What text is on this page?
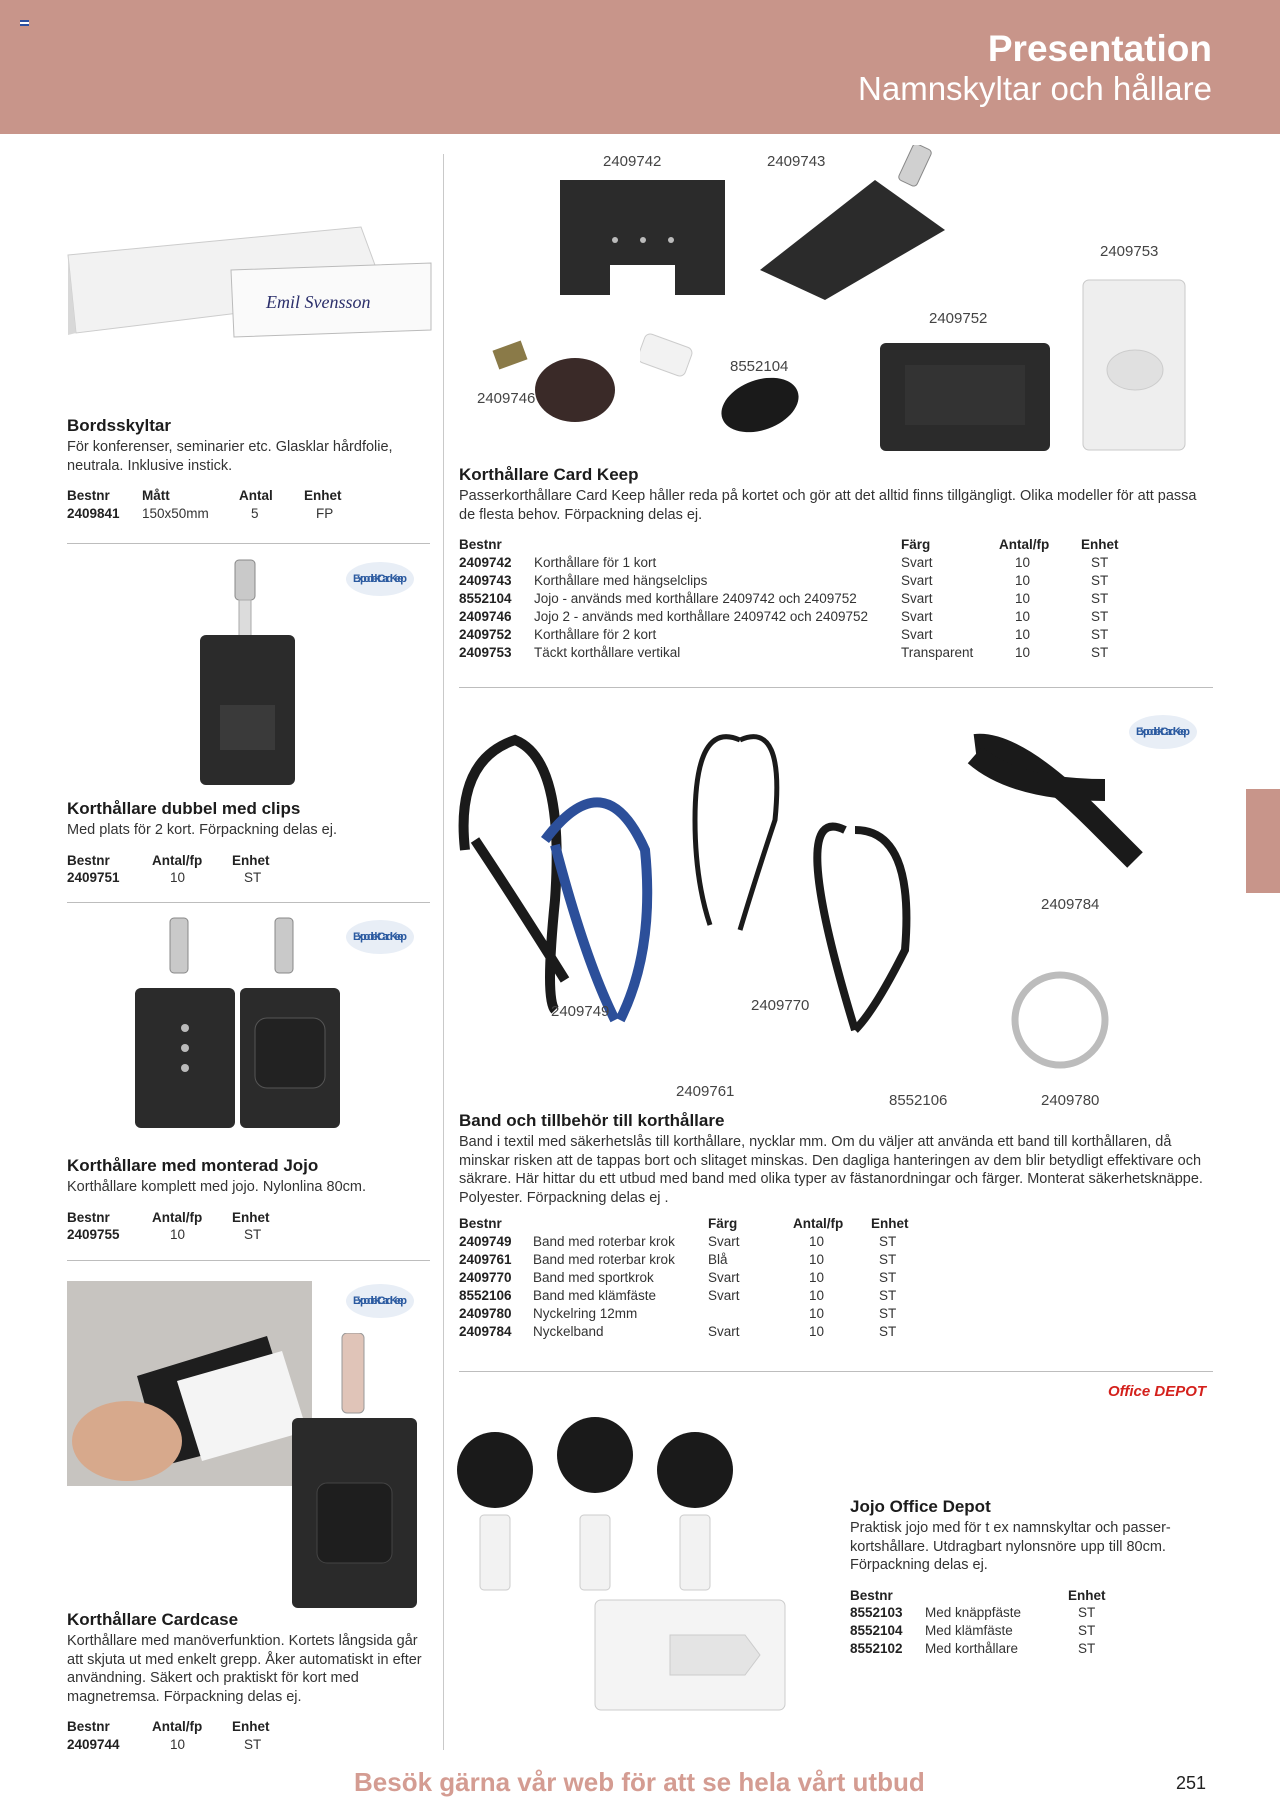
Presentation
Namnskyltar och hållare
Emil Svensson
Bordsskyltar
För konferenser, seminarier etc. Glasklar hårdfolie, neutrala. Inklusive instick.
Bestnr	Mått	Antal	Enhet
2409841	150x50mm	5	FP
Expodirekt CardKeep
Expodirekt CardKeep
Expodirekt CardKeep
Expodirekt CardKeep
Korthållare dubbel med clips
Med plats för 2 kort. Förpackning delas ej.
Bestnr	Antal/fp	Enhet
2409751	10	ST
Korthållare med monterad Jojo
Korthållare komplett med jojo. Nylonlina 80cm.
Bestnr	Antal/fp	Enhet
2409755	10	ST
Korthållare Cardcase
Korthållare med manöverfunktion. Kortets långsida går att skjuta ut med enkelt grepp. Åker automatiskt in efter användning. Säkert och praktiskt för kort med magnetremsa. Förpackning delas ej.
Bestnr	Antal/fp	Enhet
2409744	10	ST
2409742	2409743
2409753
2409752
8552104
2409746
Korthållare Card Keep
Passerkorthållare Card Keep håller reda på kortet och gör att det alltid finns tillgängligt. Olika modeller för att passa de flesta behov. Förpackning delas ej.
Bestnr		Färg	Antal/fp	Enhet
2409742	Korthållare för 1 kort	Svart	10	ST
2409743	Korthållare med hängselclips	Svart	10	ST
8552104	Jojo - används med korthållare 2409742 och 2409752	Svart	10	ST
2409746	Jojo 2 - används med korthållare 2409742 och 2409752	Svart	10	ST
2409752	Korthållare för 2 kort	Svart	10	ST
2409753	Täckt korthållare vertikal	Transparent	10	ST
2409784
2409749	2409770
2409761
8552106	2409780
Band och tillbehör till korthållare
Band i textil med säkerhetslås till korthållare, nycklar mm. Om du väljer att använda ett band till korthållaren, då minskar risken att de tappas bort och slitaget minskas. Den dagliga hanteringen av dem blir betydligt effektivare och säkrare. Här hittar du ett utbud med band med olika typer av fästanordningar och färger. Monterat säkerhetsknäppe. Polyester. Förpackning delas ej .
Bestnr		Färg	Antal/fp	Enhet
2409749	Band med roterbar krok	Svart	10	ST
2409761	Band med roterbar krok	Blå	10	ST
2409770	Band med sportkrok	Svart	10	ST
8552106	Band med klämfäste	Svart	10	ST
2409780	Nyckelring 12mm		10	ST
2409784	Nyckelband	Svart	10	ST
Office DEPOT
Jojo Office Depot
Praktisk jojo med för t ex namnskyltar och passer-kortshållare. Utdragbart nylonsnöre upp till 80cm. Förpackning delas ej.
Bestnr		Enhet
8552103	Med knäppfäste	ST
8552104	Med klämfäste	ST
8552102	Med korthållare	ST
Besök gärna vår web för att se hela vårt utbud	251
